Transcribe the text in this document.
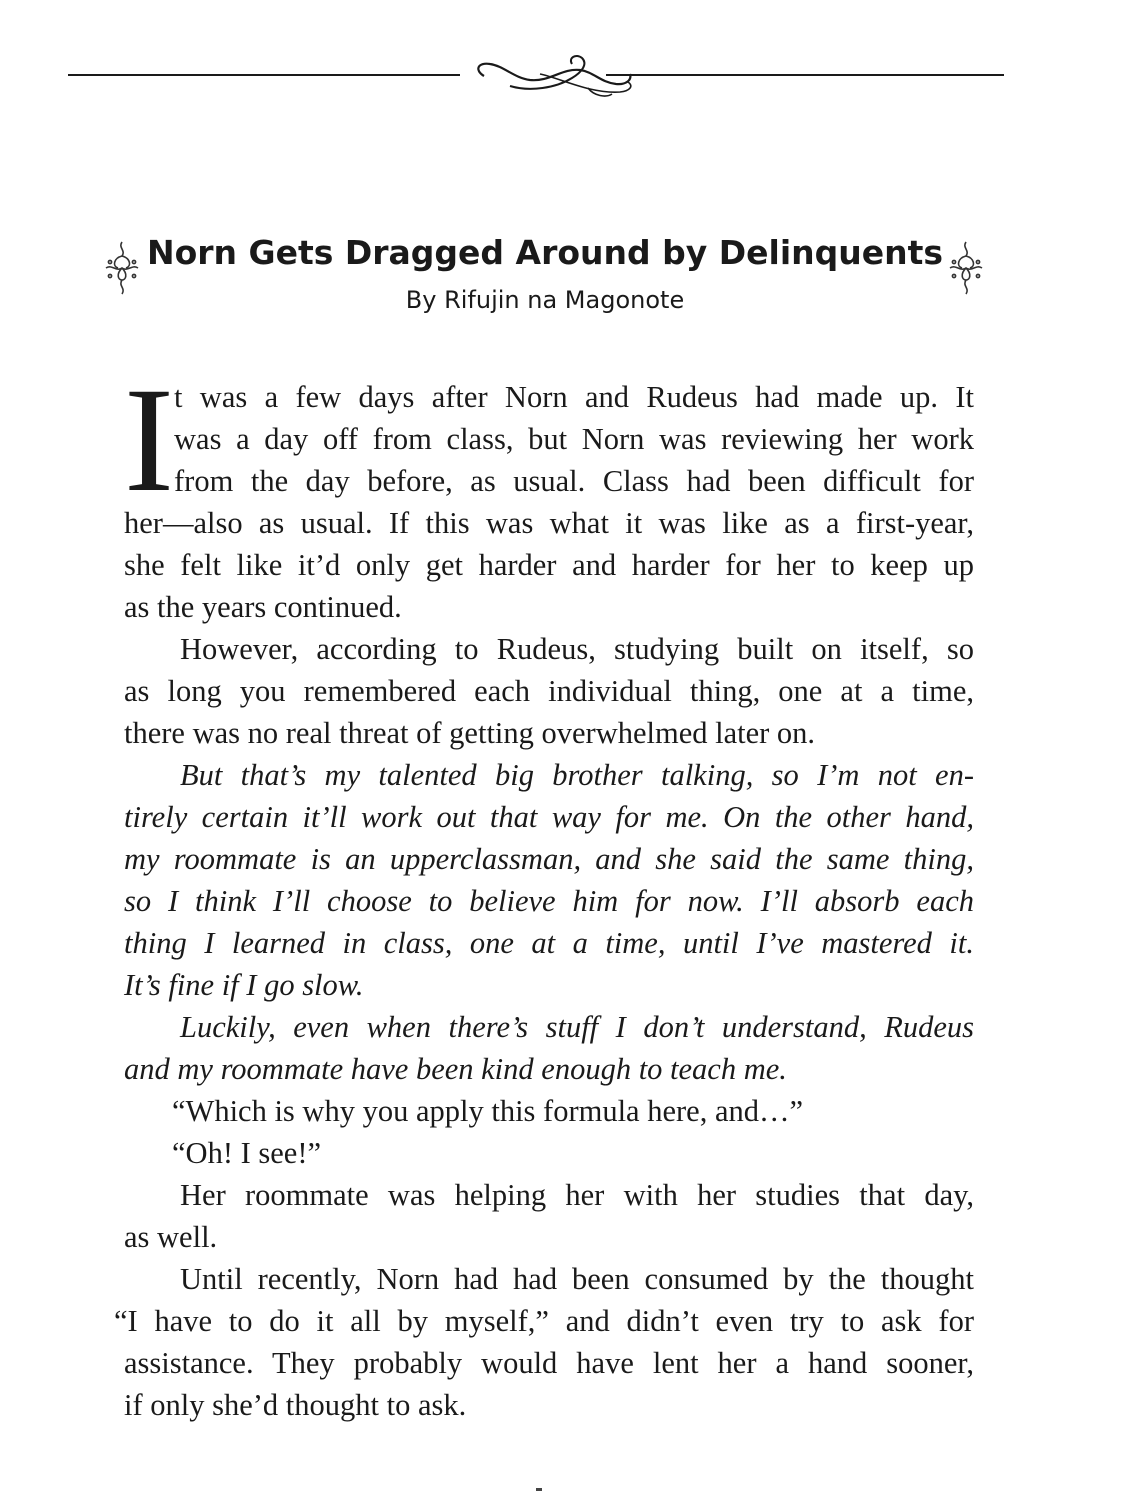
Norn Gets Dragged Around by Delinquents
By Rifujin na Magonote
I t was a few days after Norn and Rudeus had made up. It
was a day off from class, but Norn was reviewing her work
from the day before, as usual. Class had been difficult for
her—also as usual. If this was what it was like as a first-year,
she felt like it’d only get harder and harder for her to keep up
as the years continued.
However, according to Rudeus, studying built on itself, so
as long you remembered each individual thing, one at a time,
there was no real threat of getting overwhelmed later on.
But that’s my talented big brother talking, so I’m not en-
tirely certain it’ll work out that way for me. On the other hand,
my roommate is an upperclassman, and she said the same thing,
so I think I’ll choose to believe him for now. I’ll absorb each
thing I learned in class, one at a time, until I’ve mastered it.
It’s fine if I go slow.
Luckily, even when there’s stuff I don’t understand, Rudeus
and my roommate have been kind enough to teach me.
“Which is why you apply this formula here, and…”
“Oh! I see!”
Her roommate was helping her with her studies that day,
as well.
Until recently, Norn had had been consumed by the thought
“I have to do it all by myself,” and didn’t even try to ask for
assistance. They probably would have lent her a hand sooner,
if only she’d thought to ask.
